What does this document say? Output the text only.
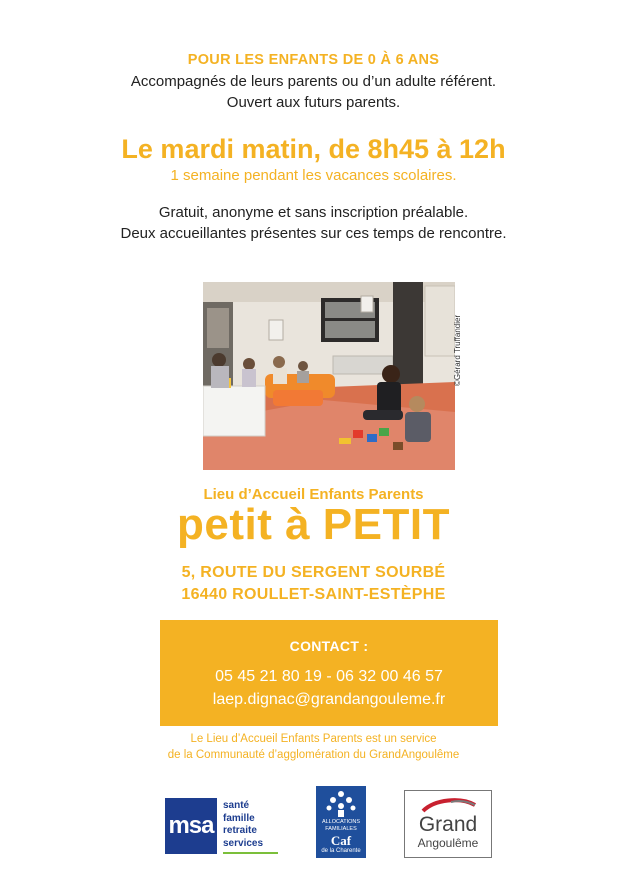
POUR LES ENFANTS DE 0 À 6 ANS
Accompagnés de leurs parents ou d’un adulte référent.
Ouvert aux futurs parents.
Le mardi matin, de 8h45 à 12h
1 semaine pendant les vacances scolaires.
Gratuit, anonyme et sans inscription préalable.
Deux accueillantes présentes sur ces temps de rencontre.
©Gérard Truffandier
Lieu d’Accueil Enfants Parents
petit à PETIT
5, ROUTE DU SERGENT SOURBÉ
16440 ROULLET-SAINT-ESTÈPHE
CONTACT :
05 45 21 80 19 - 06 32 00 46 57
laep.dignac@grandangouleme.fr
Le Lieu d’Accueil Enfants Parents est un service
de la Communauté d’agglomération du GrandAngoulême
msa
santé
famille
retraite
services
ALLOCATIONS
FAMILIALES
Caf
de la Charente
Grand
Angoulême
